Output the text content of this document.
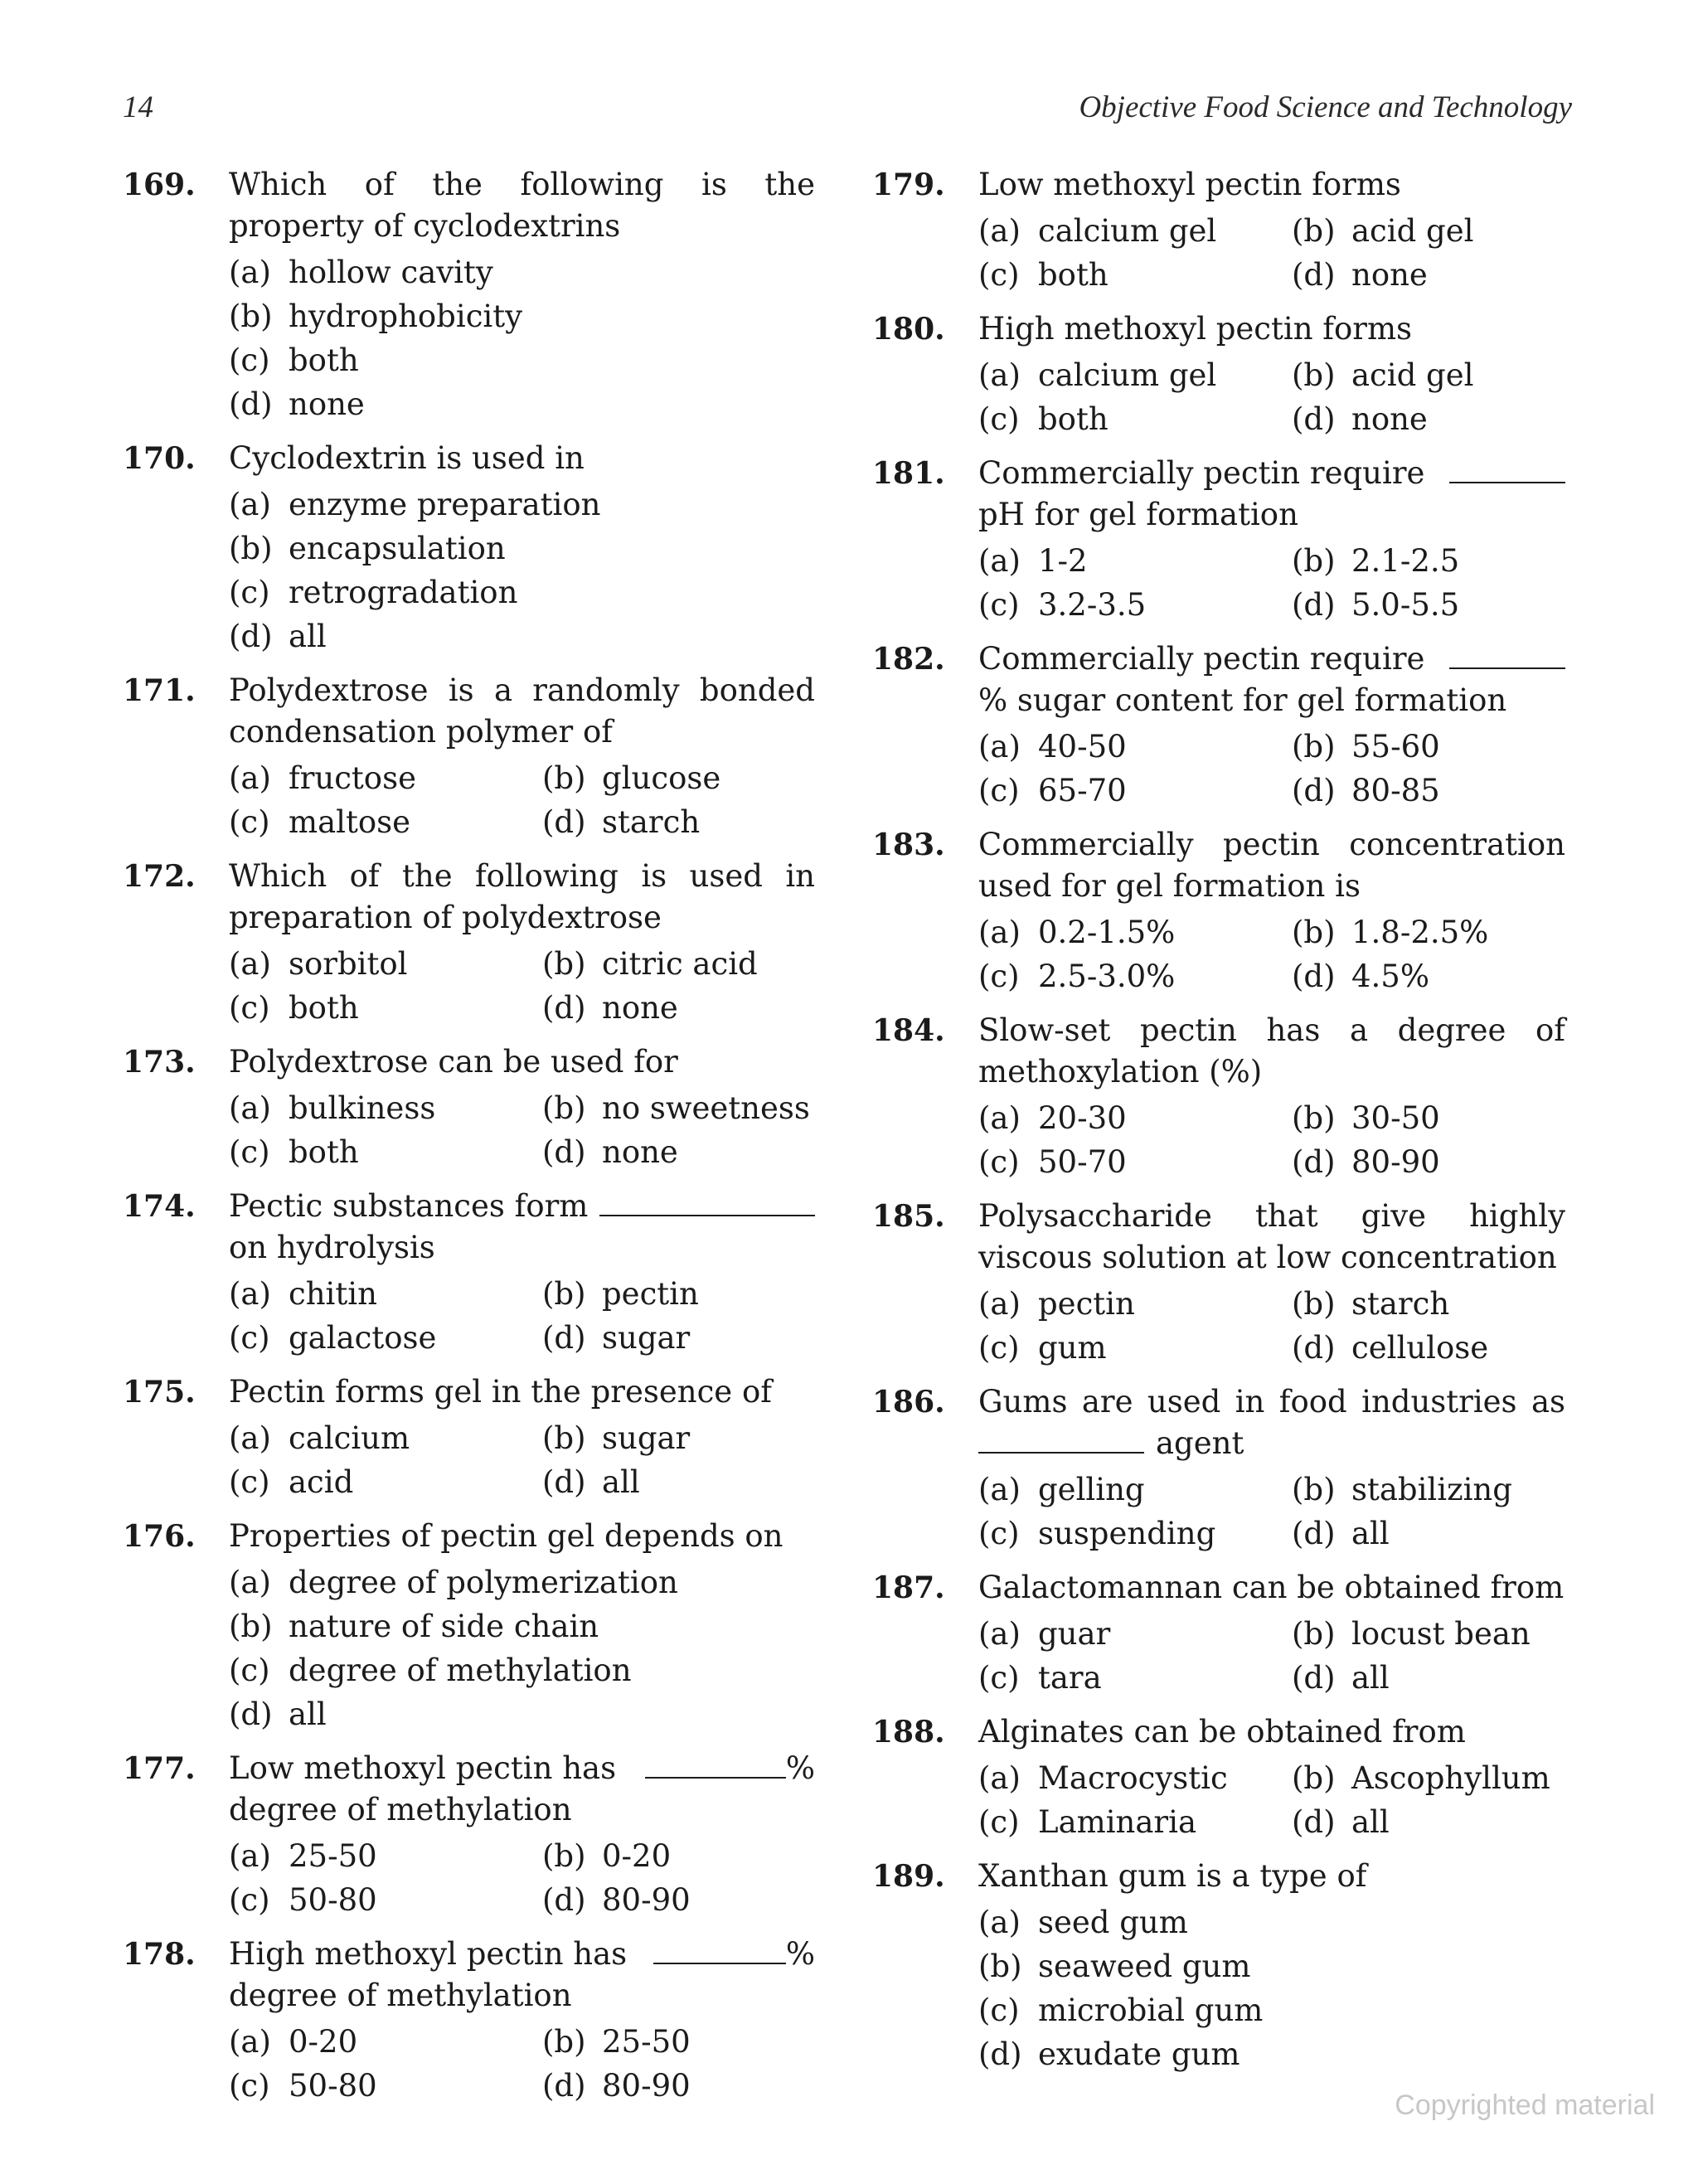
14	Objective Food Science and Technology
169.	Which of the following is the property of cyclodextrins
(a) hollow cavity
(b) hydrophobicity
(c) both
(d) none
170.	Cyclodextrin is used in
(a) enzyme preparation
(b) encapsulation
(c) retrogradation
(d) all
171.	Polydextrose is a randomly bonded condensation polymer of
(a) fructose	(b) glucose
(c) maltose	(d) starch
172.	Which of the following is used in preparation of polydextrose
(a) sorbitol	(b) citric acid
(c) both	(d) none
173.	Polydextrose can be used for
(a) bulkiness	(b) no sweetness
(c) both	(d) none
174.	Pectic substances form
on hydrolysis
(a) chitin	(b) pectin
(c) galactose	(d) sugar
175.	Pectin forms gel in the presence of
(a) calcium	(b) sugar
(c) acid	(d) all
176.	Properties of pectin gel depends on
(a) degree of polymerization
(b) nature of side chain
(c) degree of methylation
(d) all
177.	Low methoxyl pectin has	%
degree of methylation
(a) 25-50	(b) 0-20
(c) 50-80	(d) 80-90
178.	High methoxyl pectin has	%
degree of methylation
(a) 0-20	(b) 25-50
(c) 50-80	(d) 80-90
179.	Low methoxyl pectin forms
(a) calcium gel	(b) acid gel
(c) both	(d) none
180.	High methoxyl pectin forms
(a) calcium gel	(b) acid gel
(c) both	(d) none
181.	Commercially pectin require
pH for gel formation
(a) 1-2	(b) 2.1-2.5
(c) 3.2-3.5	(d) 5.0-5.5
182.	Commercially pectin require
% sugar content for gel formation
(a) 40-50	(b) 55-60
(c) 65-70	(d) 80-85
183.	Commercially pectin concentration used for gel formation is
(a) 0.2-1.5%	(b) 1.8-2.5%
(c) 2.5-3.0%	(d) 4.5%
184.	Slow-set pectin has a degree of methoxylation (%)
(a) 20-30	(b) 30-50
(c) 50-70	(d) 80-90
185.	Polysaccharide that give highly viscous solution at low concentration
(a) pectin	(b) starch
(c) gum	(d) cellulose
186.	Gums are used in food industries as
agent
(a) gelling	(b) stabilizing
(c) suspending	(d) all
187.	Galactomannan can be obtained from
(a) guar	(b) locust bean
(c) tara	(d) all
188.	Alginates can be obtained from
(a) Macrocystic	(b) Ascophyllum
(c) Laminaria	(d) all
189.	Xanthan gum is a type of
(a) seed gum
(b) seaweed gum
(c) microbial gum
(d) exudate gum
Copyrighted material
